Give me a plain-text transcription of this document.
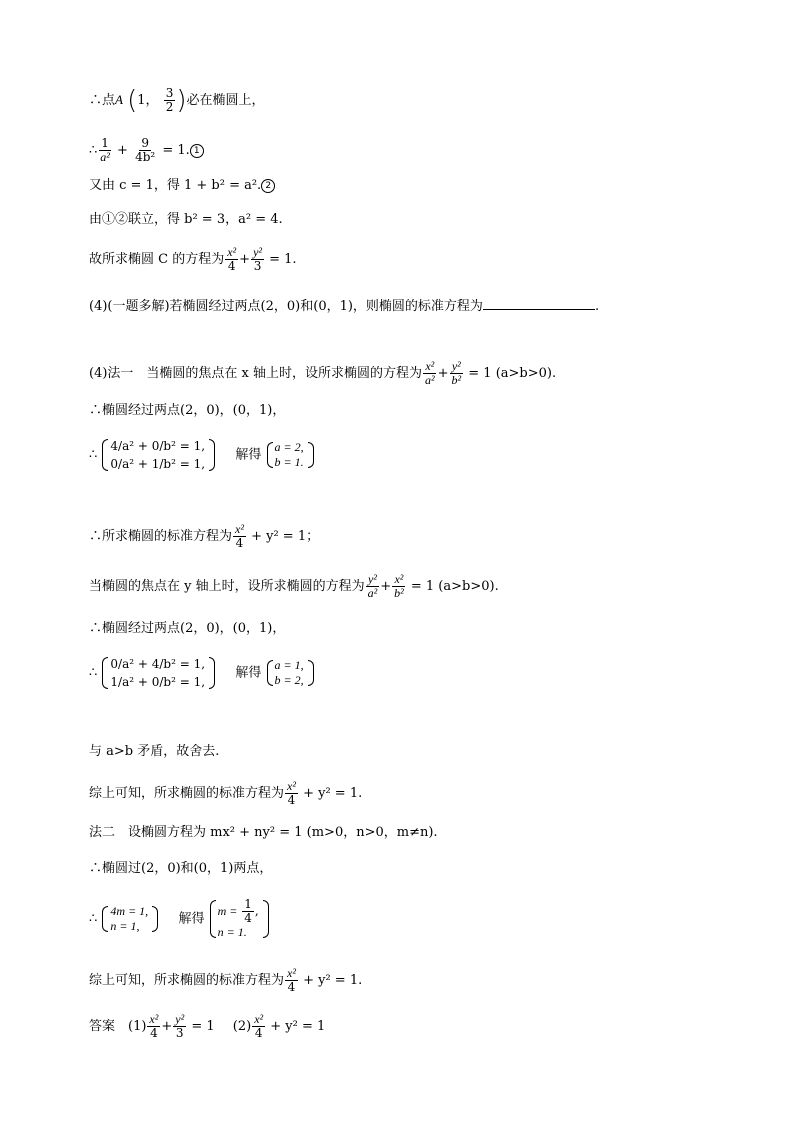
∴点A (1， $\frac{3}{2}$ )必在椭圆上，
∴ $\frac{1}{\text{a²}} + \frac{9}{\text{4b²}} = 1$. 1
又由 c = 1，得 1 + b² = a². 2
由①②联立，得 b² = 3，a² = 4.
故所求椭圆 C 的方程为 $\frac{\text{x²}}{4} + \frac{\text{y²}}{3} = 1$.
(4)(一题多解)若椭圆经过两点(2，0)和(0，1)，则椭圆的标准方程为	.
(4)法一　当椭圆的焦点在 x 轴上时，设所求椭圆的方程为 $\frac{\text{x²}}{\text{a²}} + \frac{\text{y²}}{\text{b²}} = 1$ (a>b>0).
∴椭圆经过两点(2，0)，(0，1)，
∴
4/a² + 0/b² = 1,
0/a² + 1/b² = 1,
解得
a = 2,
b = 1.
∴所求椭圆的标准方程为 $\frac{\text{x²}}{4} + y^2 = 1$；
当椭圆的焦点在 y 轴上时，设所求椭圆的方程为 $\frac{\text{y²}}{\text{a²}} + \frac{\text{x²}}{\text{b²}} = 1$ (a>b>0).
∴椭圆经过两点(2，0)，(0，1)，
∴
0/a² + 4/b² = 1,
1/a² + 0/b² = 1,
解得
a = 1,
b = 2,
与 a>b 矛盾，故舍去.
综上可知，所求椭圆的标准方程为 $\frac{\text{x²}}{4} + y^2 = 1$.
法二　设椭圆方程为 mx² + ny² = 1 (m>0，n>0，m≠n).
∴椭圆过(2，0)和(0，1)两点，
∴
4m = 1,
n = 1,	解得
$m = \frac{1}{4}$ ,
n = 1.
综上可知，所求椭圆的标准方程为 $\frac{\text{x²}}{4} + y^2 = 1$.
答案　$(1) \frac{\text{x²}}{4} + \frac{\text{y²}}{3} = 1$ $(2) \frac{\text{x²}}{4} + y^2 = 1$
